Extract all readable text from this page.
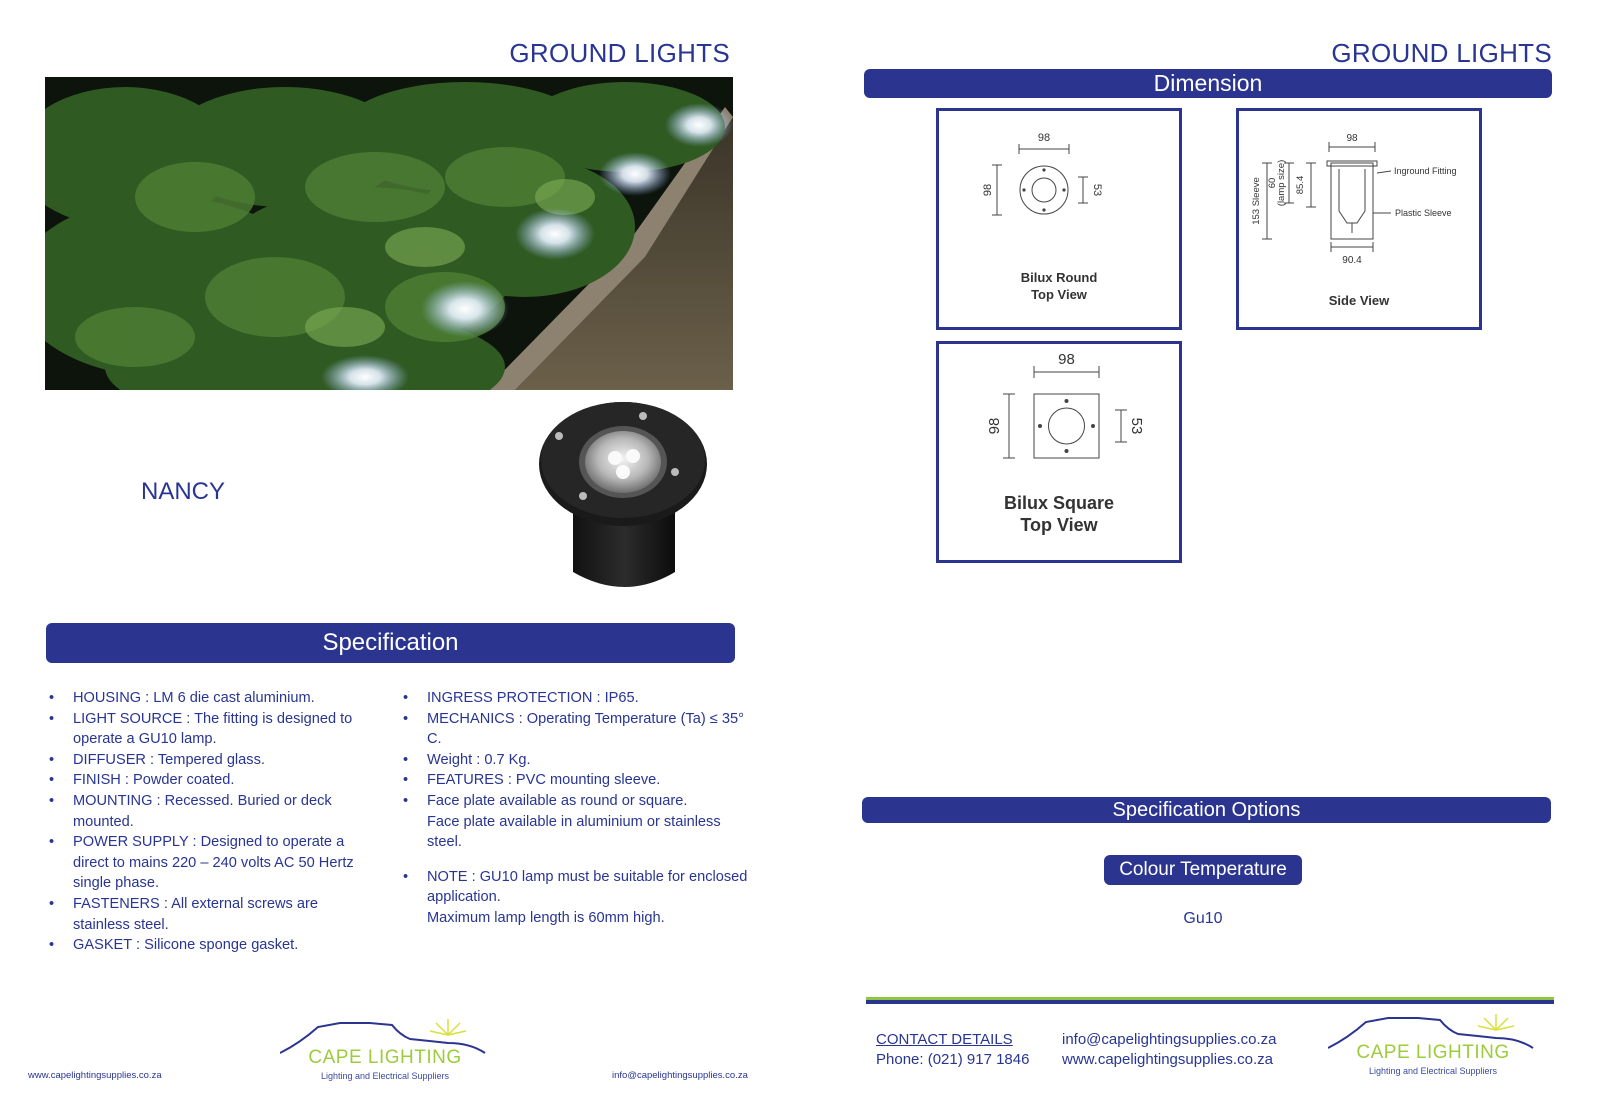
GROUND LIGHTS
NANCY
Specification
• HOUSING : LM 6 die cast aluminium.
• LIGHT SOURCE : The fitting is designed to operate a GU10 lamp.
• DIFFUSER : Tempered glass.
• FINISH : Powder coated.
• MOUNTING : Recessed. Buried or deck mounted.
• POWER SUPPLY : Designed to operate a direct to mains 220 – 240 volts AC 50 Hertz single phase.
• FASTENERS : All external screws are stainless steel.
• GASKET : Silicone sponge gasket.
• INGRESS PROTECTION : IP65.
• MECHANICS : Operating Temperature (Ta) ≤ 35° C.
• Weight : 0.7 Kg.
• FEATURES : PVC mounting sleeve.
• Face plate available as round or square.
Face plate available in aluminium or stainless steel.
• NOTE : GU10 lamp must be suitable for enclosed application.
Maximum lamp length is 60mm high.
www.capelightingsupplies.co.za	info@capelightingsupplies.co.za
CAPE LIGHTING
Lighting and Electrical Suppliers
GROUND LIGHTS
Dimension
98
98	53
Bilux Round
Top View
98
90.4
153 Sleeve 60
(lamp size) 85.4
Inground Fitting
Plastic Sleeve
Side View
98
98	53
Bilux Square
Top View
Specification Options
Colour Temperature
Gu10
CONTACT DETAILS
Phone: (021) 917 1846
info@capelightingsupplies.co.za
www.capelightingsupplies.co.za	CAPE LIGHTING
Lighting and Electrical Suppliers
